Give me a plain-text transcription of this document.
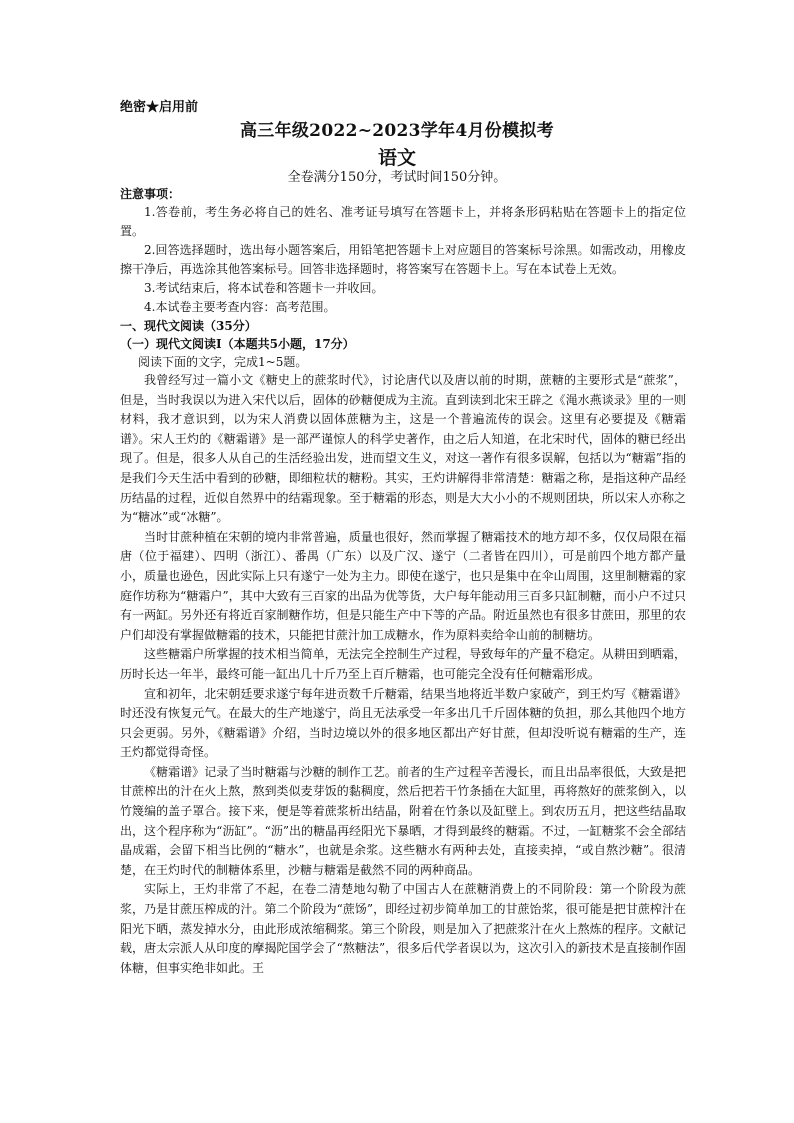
绝密★启用前
高三年级2022~2023学年4月份模拟考
语文
全卷满分150分，考试时间150分钟。

注意事项：

1.答卷前，考生务必将自己的姓名、准考证号填写在答题卡上，并将条形码粘贴在答题卡上的指定位置。

2.回答选择题时，选出每小题答案后，用铅笔把答题卡上对应题目的答案标号涂黑。如需改动，用橡皮擦干净后，再选涂其他答案标号。回答非选择题时，将答案写在答题卡上。写在本试卷上无效。

3.考试结束后，将本试卷和答题卡一并收回。

4.本试卷主要考查内容：高考范围。

一、现代文阅读（35分）

（一）现代文阅读Ⅰ（本题共5小题，17分）

阅读下面的文字，完成1~5题。

我曾经写过一篇小文《糖史上的蔗浆时代》，讨论唐代以及唐以前的时期，蔗糖的主要形式是“蔗浆”，但是，当时我误以为进入宋代以后，固体的砂糖便成为主流。直到读到北宋王辟之《渑水燕谈录》里的一则材料，我才意识到，以为宋人消费以固体蔗糖为主，这是一个普遍流传的误会。这里有必要提及《糖霜谱》。宋人王灼的《糖霜谱》是一部严谨惊人的科学史著作，由之后人知道，在北宋时代，固体的糖已经出现了。但是，很多人从自己的生活经验出发，进而望文生义，对这一著作有很多误解，包括以为“糖霜”指的是我们今天生活中看到的砂糖，即细粒状的糖粉。其实，王灼讲解得非常清楚：糖霜之称，是指这种产品经历结晶的过程，近似自然界中的结霜现象。至于糖霜的形态，则是大大小小的不规则团块，所以宋人亦称之为“糖冰”或“冰糖”。

当时甘蔗种植在宋朝的境内非常普遍，质量也很好，然而掌握了糖霜技术的地方却不多，仅仅局限在福唐（位于福建）、四明（浙江）、番禺（广东）以及广汉、遂宁（二者皆在四川），可是前四个地方都产量小，质量也逊色，因此实际上只有遂宁一处为主力。即使在遂宁，也只是集中在伞山周围，这里制糖霜的家庭作坊称为“糖霜户”，其中大致有三百家的出品为优等货，大户每年能动用三百多只缸制糖，而小户不过只有一两缸。另外还有将近百家制糖作坊，但是只能生产中下等的产品。附近虽然也有很多甘蔗田，那里的农户们却没有掌握做糖霜的技术，只能把甘蔗汁加工成糖水，作为原料卖给伞山前的制糖坊。

这些糖霜户所掌握的技术相当简单，无法完全控制生产过程，导致每年的产量不稳定。从耕田到晒霜，历时长达一年半，最终可能一缸出几十斤乃至上百斤糖霜，也可能完全没有任何糖霜形成。

宣和初年，北宋朝廷要求遂宁每年进贡数千斤糖霜，结果当地将近半数户家破产，到王灼写《糖霜谱》时还没有恢复元气。在最大的生产地遂宁，尚且无法承受一年多出几千斤固体糖的负担，那么其他四个地方只会更弱。另外，《糖霜谱》介绍，当时边境以外的很多地区都出产好甘蔗，但却没听说有糖霜的生产，连王灼都觉得奇怪。

《糖霜谱》记录了当时糖霜与沙糖的制作工艺。前者的生产过程辛苦漫长，而且出品率很低，大致是把甘蔗榨出的汁在火上熬，熬到类似麦芽饭的黏稠度，然后把若干竹条插在大缸里，再将熬好的蔗浆倒入，以竹篾编的盖子罩合。接下来，便是等着蔗浆析出结晶，附着在竹条以及缸壁上。到农历五月，把这些结晶取出，这个程序称为“沥缸”。“沥”出的糖晶再经阳光下暴晒，才得到最终的糖霜。不过，一缸糖浆不会全部结晶成霜，会留下相当比例的“糖水”，也就是余浆。这些糖水有两种去处，直接卖掉，“或自熬沙糖”。很清楚，在王灼时代的制糖体系里，沙糖与糖霜是截然不同的两种商品。

实际上，王灼非常了不起，在卷二清楚地勾勒了中国古人在蔗糖消费上的不同阶段：第一个阶段为蔗浆，乃是甘蔗压榨成的汁。第二个阶段为“蔗饧”，即经过初步简单加工的甘蔗饴浆，很可能是把甘蔗榨汁在阳光下晒，蒸发掉水分，由此形成浓缩稠浆。第三个阶段，则是加入了把蔗浆汁在火上熬炼的程序。文献记载，唐太宗派人从印度的摩揭陀国学会了“熬糖法”，很多后代学者误以为，这次引入的新技术是直接制作固体糖，但事实绝非如此。王
